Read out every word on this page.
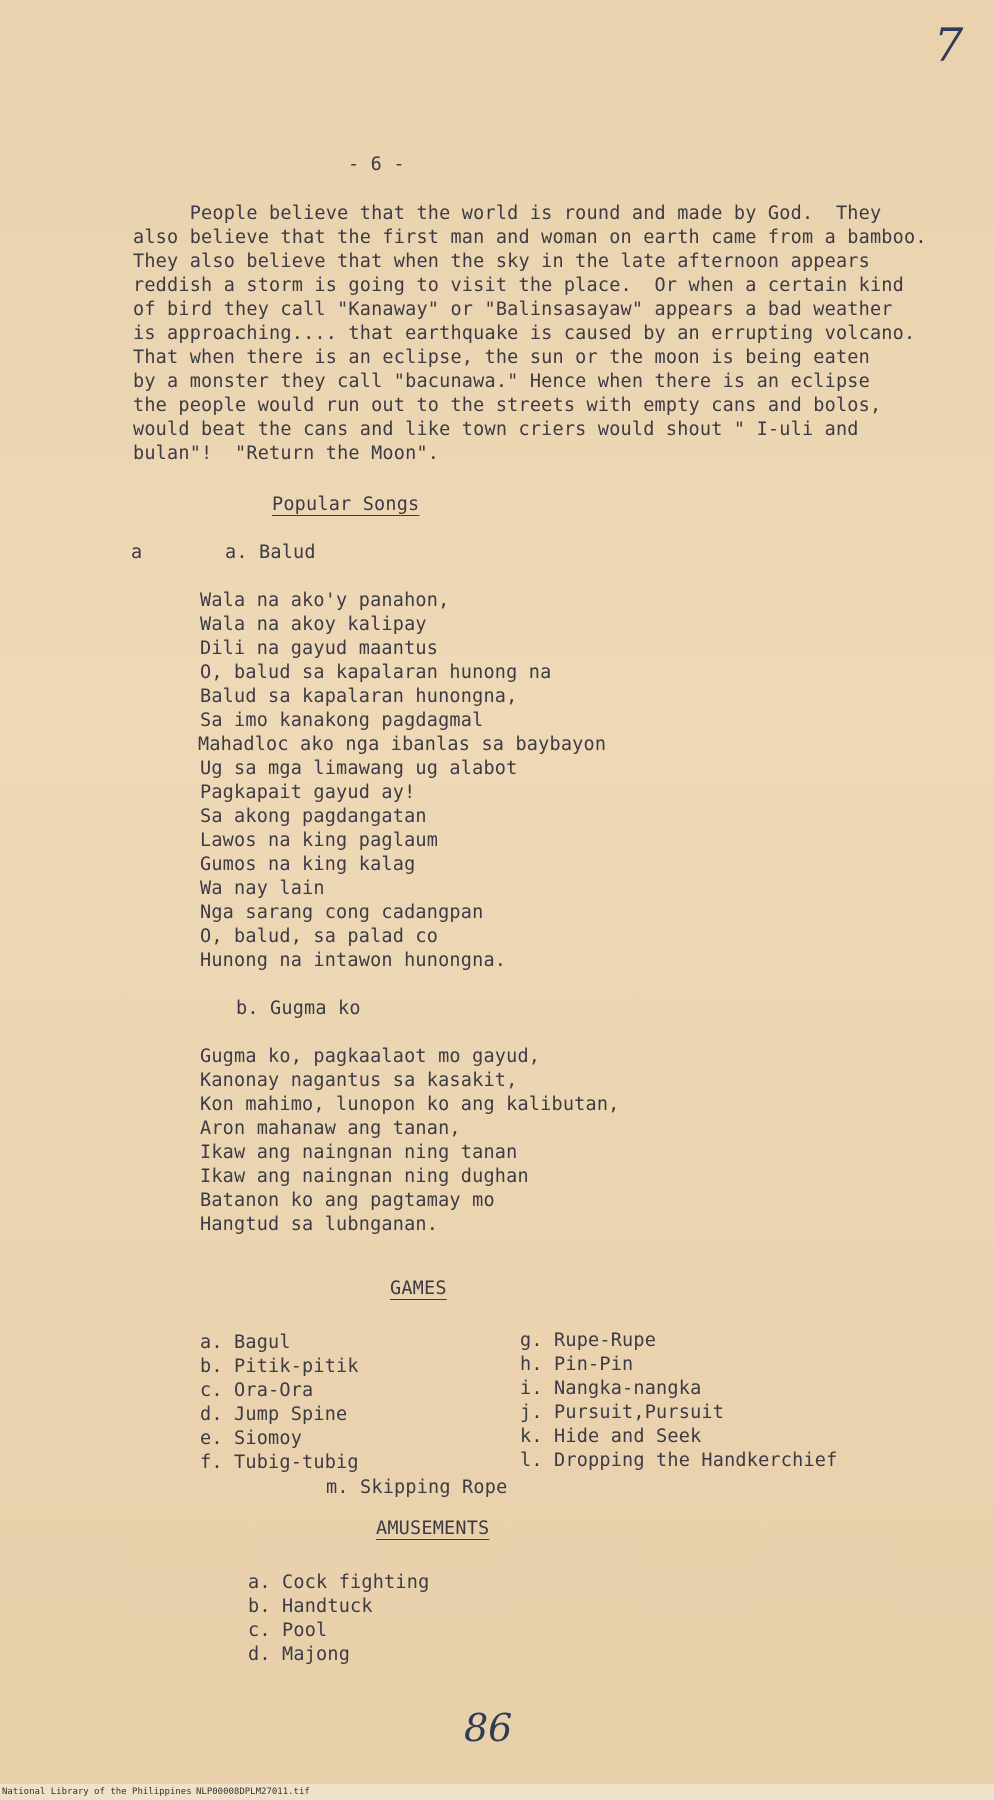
7
- 6 -
People believe that the world is round and made by God.  They
also believe that the first man and woman on earth came from a bamboo.
They also believe that when the sky in the late afternoon appears
reddish a storm is going to visit the place.  Or when a certain kind
of bird they call "Kanaway" or "Balinsasayaw" appears a bad weather
is approaching.... that earthquake is caused by an errupting volcano.
That when there is an eclipse, the sun or the moon is being eaten
by a monster they call "bacunawa." Hence when there is an eclipse
the people would run out to the streets with empty cans and bolos,
would beat the cans and like town criers would shout " I-uli and
bulan"!  "Return the Moon".
Popular Songs
a	a. Balud
Wala na ako'y panahon,
Wala na akoy kalipay
Dili na gayud maantus
O, balud sa kapalaran hunong na
Balud sa kapalaran hunongna,
Sa imo kanakong pagdagmal
Mahadloc ako nga ibanlas sa baybayon
Ug sa mga limawang ug alabot
Pagkapait gayud ay!
Sa akong pagdangatan
Lawos na king paglaum
Gumos na king kalag
Wa nay lain
Nga sarang cong cadangpan
O, balud, sa palad co
Hunong na intawon hunongna.
b. Gugma ko
Gugma ko, pagkaalaot mo gayud,
Kanonay nagantus sa kasakit,
Kon mahimo, lunopon ko ang kalibutan,
Aron mahanaw ang tanan,
Ikaw ang naingnan ning tanan
Ikaw ang naingnan ning dughan
Batanon ko ang pagtamay mo
Hangtud sa lubnganan.
GAMES
a. Bagul
b. Pitik-pitik
c. Ora-Ora
d. Jump Spine
e. Siomoy
f. Tubig-tubig
g. Rupe-Rupe
h. Pin-Pin
i. Nangka-nangka
j. Pursuit,Pursuit
k. Hide and Seek
l. Dropping the Handkerchief
m. Skipping Rope
AMUSEMENTS
a. Cock fighting
b. Handtuck
c. Pool
d. Majong
86
National Library of the Philippines NLP00008DPLM27011.tif
